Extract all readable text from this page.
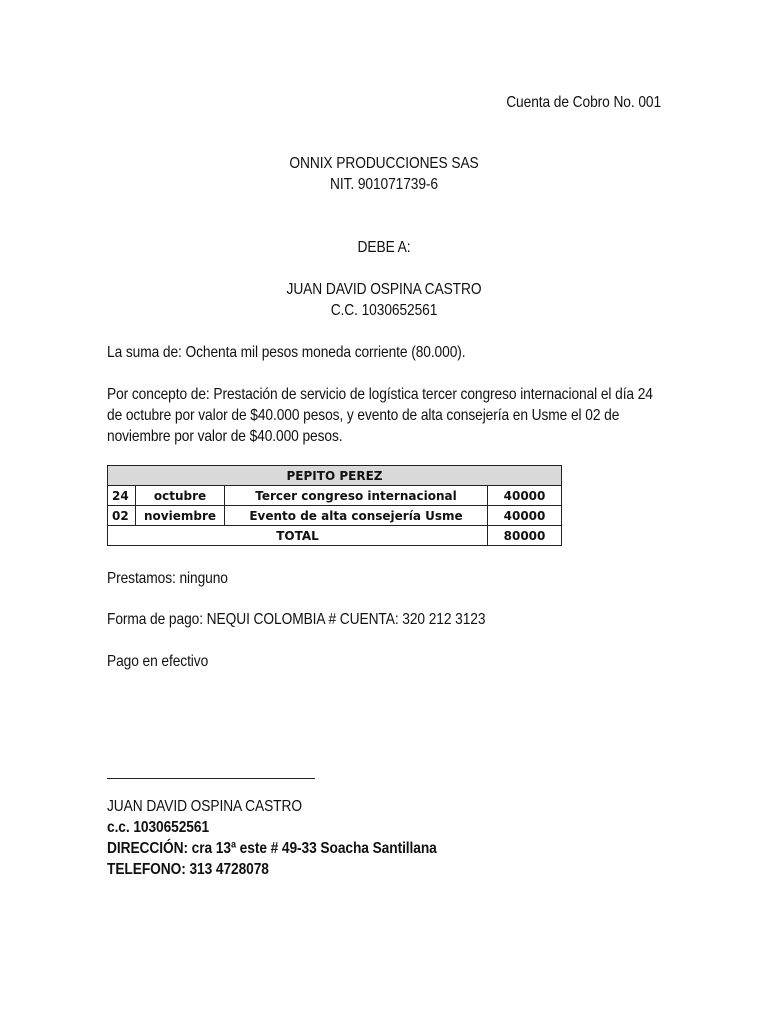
Cuenta de Cobro No. 001
ONNIX PRODUCCIONES SAS
NIT. 901071739-6
DEBE A:
JUAN DAVID OSPINA CASTRO
C.C. 1030652561
La suma de: Ochenta mil pesos moneda corriente (80.000).
Por concepto de: Prestación de servicio de logística tercer congreso internacional el día 24 de octubre por valor de $40.000 pesos, y evento de alta consejería en Usme el 02 de noviembre por valor de $40.000 pesos.
PEPITO PEREZ			
24	octubre	Tercer congreso internacional	40000
02	noviembre	Evento de alta consejería Usme	40000
TOTAL			80000
Prestamos: ninguno
Forma de pago: NEQUI COLOMBIA # CUENTA: 320 212 3123
Pago en efectivo
JUAN DAVID OSPINA CASTRO
c.c. 1030652561
DIRECCIÓN: cra 13ª este # 49-33 Soacha Santillana
TELEFONO: 313 4728078
